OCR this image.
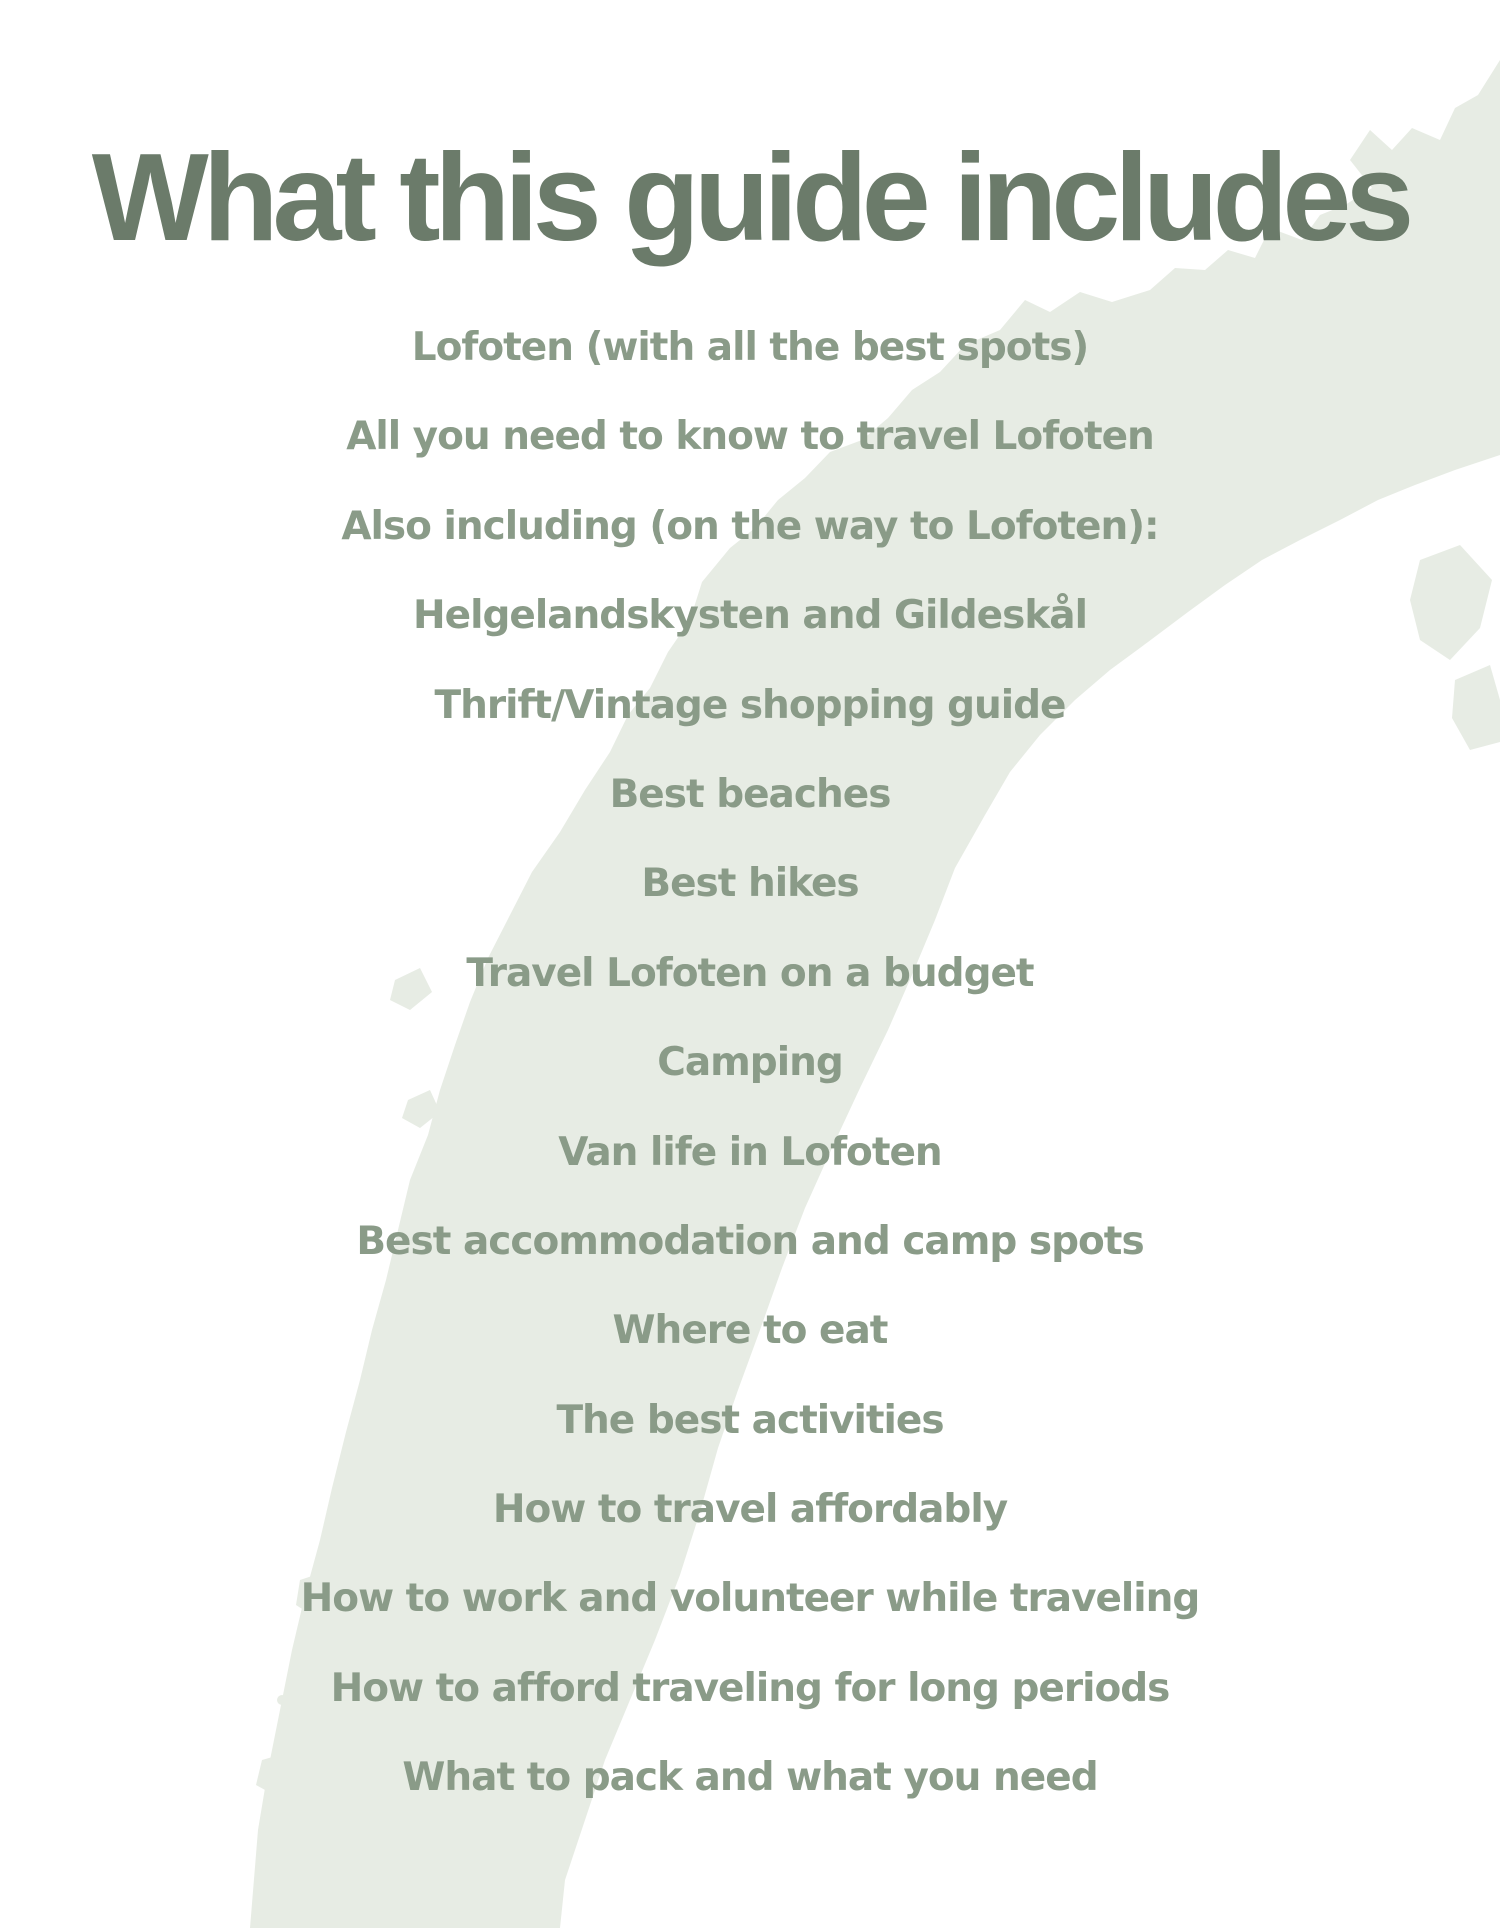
What this guide includes
Lofoten (with all the best spots)
All you need to know to travel Lofoten
Also including (on the way to Lofoten):
Helgelandskysten and Gildeskål
Thrift/Vintage shopping guide
Best beaches
Best hikes
Travel Lofoten on a budget
Camping
Van life in Lofoten
Best accommodation and camp spots
Where to eat
The best activities
How to travel affordably
How to work and volunteer while traveling
How to afford traveling for long periods
What to pack and what you need
